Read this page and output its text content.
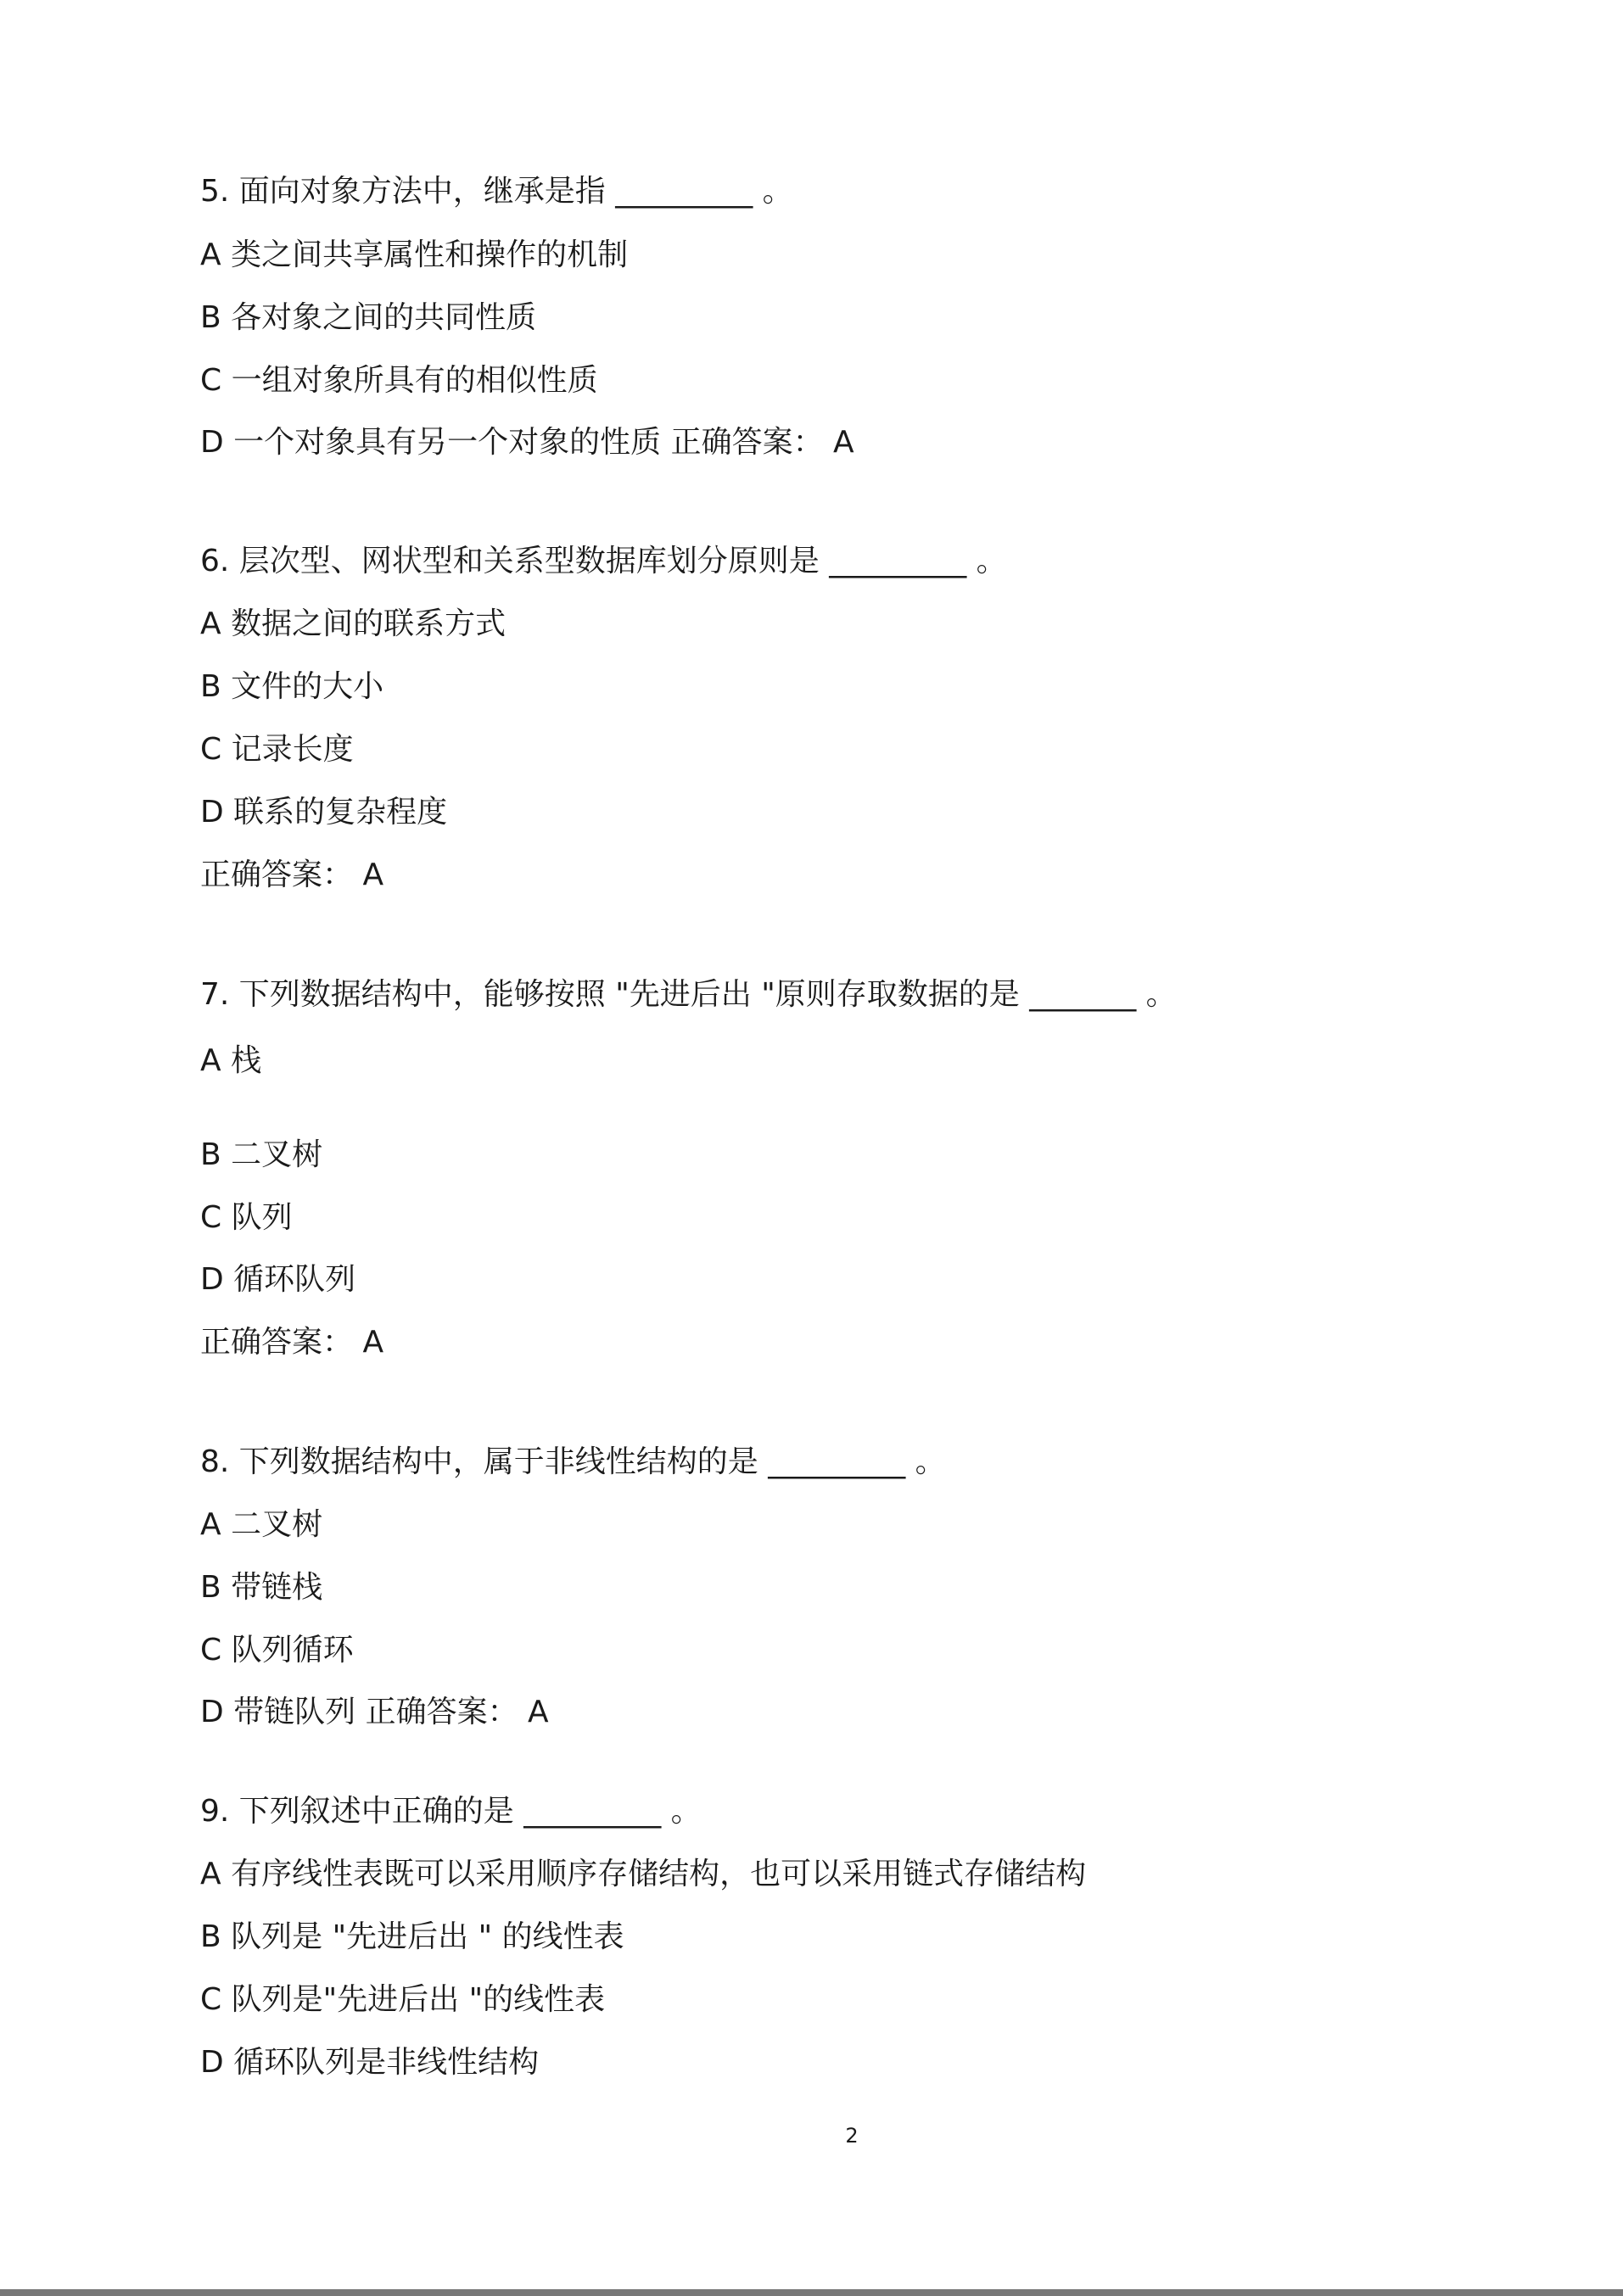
5. 面向对象方法中，继承是指 _________ 。
A 类之间共享属性和操作的机制
B 各对象之间的共同性质
C 一组对象所具有的相似性质
D 一个对象具有另一个对象的性质 正确答案： A
6. 层次型、网状型和关系型数据库划分原则是 _________ 。
A 数据之间的联系方式
B 文件的大小
C 记录长度
D 联系的复杂程度
正确答案： A
7. 下列数据结构中，能够按照 "先进后出 "原则存取数据的是 _______ 。
A 栈
B 二叉树
C 队列
D 循环队列
正确答案： A
8. 下列数据结构中，属于非线性结构的是 _________ 。
A 二叉树
B 带链栈
C 队列循环
D 带链队列 正确答案： A
9. 下列叙述中正确的是 _________ 。
A 有序线性表既可以采用顺序存储结构，也可以采用链式存储结构
B 队列是 "先进后出 " 的线性表
C 队列是"先进后出 "的线性表
D 循环队列是非线性结构
2
